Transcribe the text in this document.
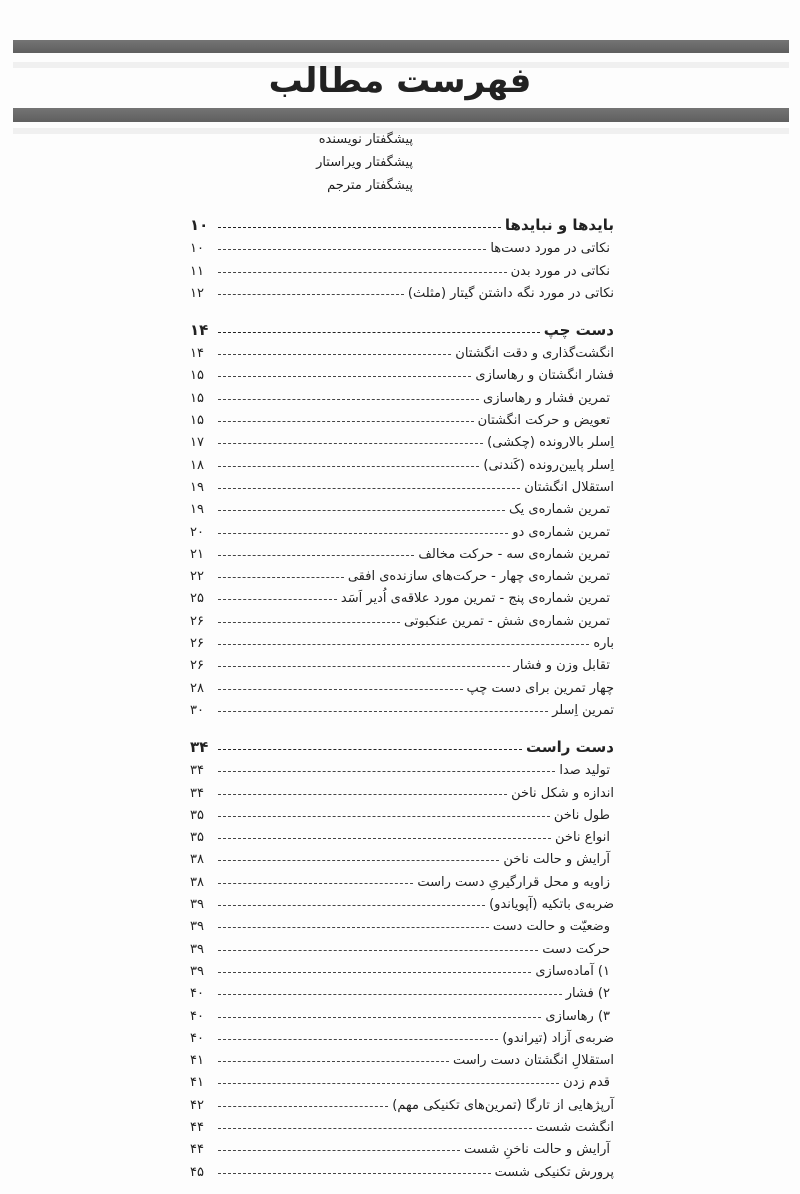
فهرست مطالب
پیشگفتار نویسنده
پیشگفتار ویراستار
پیشگفتار مترجم
بایدها و نبایدها
۱۰
نکاتی در مورد دست‌ها
۱۰
نکاتی در مورد بدن
۱۱
نکاتی در مورد نگه داشتن گیتار (مثلث)
۱۲
دست چپ
۱۴
انگشت‌گذاری و دقت انگشتان
۱۴
فشار انگشتان و رهاسازی
۱۵
تمرین فشار و رهاسازی
۱۵
تعویض و حرکت انگشتان
۱۵
اِسلر بالارونده (چکشی)
۱۷
اِسلر پایین‌رونده (کَندنی)
۱۸
استقلال انگشتان
۱۹
تمرین شماره‌ی یک
۱۹
تمرین شماره‌ی دو
۲۰
تمرین شماره‌ی سه - حرکت مخالف
۲۱
تمرین شماره‌ی چهار - حرکت‌های سازنده‌ی افقی
۲۲
تمرین شماره‌ی پنج - تمرین مورد علاقه‌ی اُدیر اَسَد
۲۵
تمرین شماره‌ی شش - تمرین عنکبوتی
۲۶
باره
۲۶
تقابل وزن و فشار
۲۶
چهار تمرین برای دست چپ
۲۸
تمرین اِسلر
۳۰
دست راست
۳۴
تولید صدا
۳۴
اندازه و شکل ناخن
۳۴
طول ناخن
۳۵
انواع ناخن
۳۵
آرایش و حالت ناخن
۳۸
زاویه و محل قرارگیریِ دست راست
۳۸
ضربه‌ی باتکیه (آپویاندو)
۳۹
وضعیّت و حالت دست
۳۹
حرکت دست
۳۹
۱) آماده‌سازی
۳۹
۲) فشار
۴۰
۳) رهاسازی
۴۰
ضربه‌ی آزاد (تیراندو)
۴۰
استقلالِ انگشتان دست راست
۴۱
قدم زدن
۴۱
آرپژهایی از تارگا (تمرین‌های تکنیکی مهم)
۴۲
انگشت شست
۴۴
آرایش و حالت ناخنِ شست
۴۴
پرورش تکنیکی شست
۴۵
